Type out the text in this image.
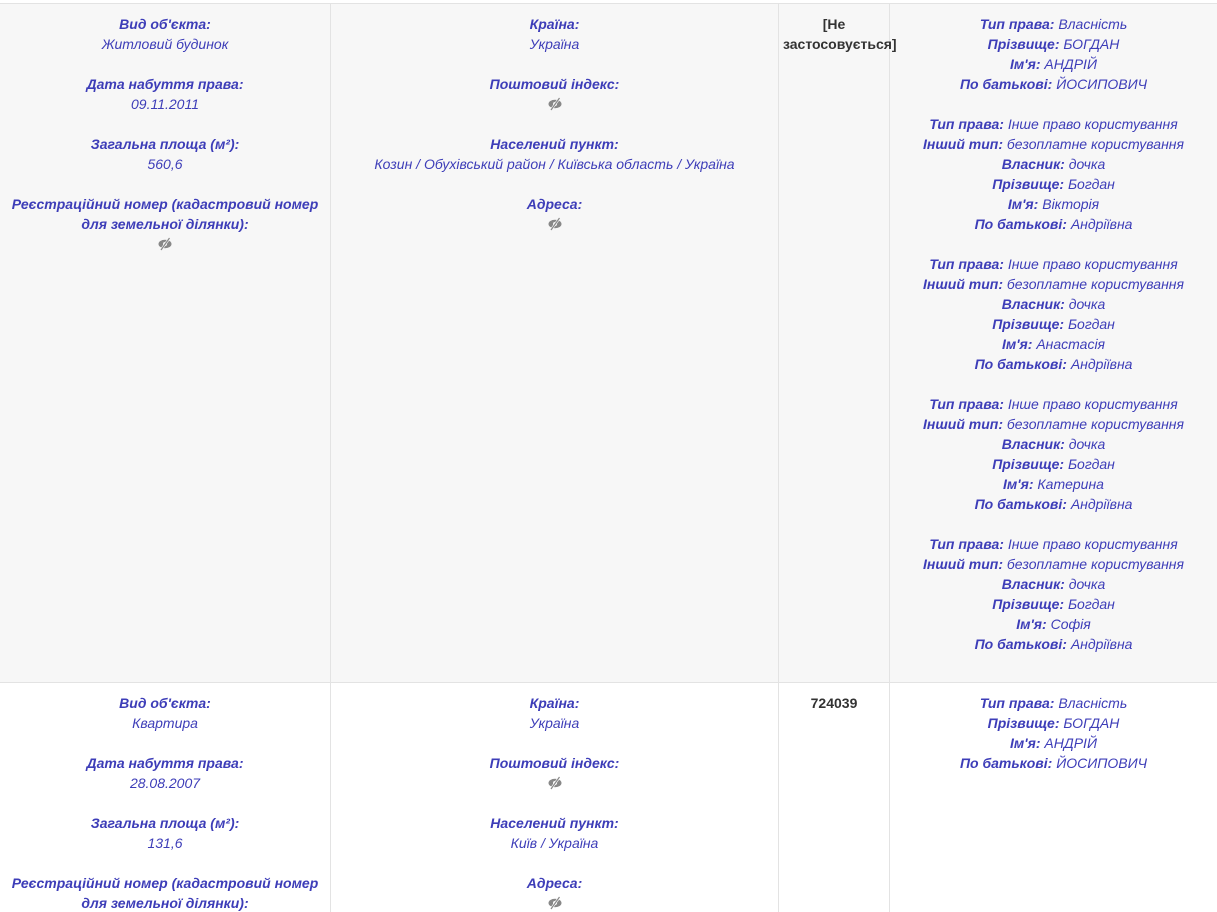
Вид об'єкта:
Житловий будинок
Дата набуття права:
09.11.2011
Загальна площа (м²):
560,6
Реєстраційний номер (кадастровий номер для земельної ділянки):
Країна:
Україна
Поштовий індекс:
Населений пункт:
Козин / Обухівський район / Київська область / Україна
Адреса:
[Не застосовується]
Тип права: Власність
Прізвище: БОГДАН
Ім'я: АНДРІЙ
По батькові: ЙОСИПОВИЧ
Тип права: Інше право користування
Інший тип: безоплатне користування
Власник: дочка
Прізвище: Богдан
Ім'я: Вікторія
По батькові: Андріївна
Тип права: Інше право користування
Інший тип: безоплатне користування
Власник: дочка
Прізвище: Богдан
Ім'я: Анастасія
По батькові: Андріївна
Тип права: Інше право користування
Інший тип: безоплатне користування
Власник: дочка
Прізвище: Богдан
Ім'я: Катерина
По батькові: Андріївна
Тип права: Інше право користування
Інший тип: безоплатне користування
Власник: дочка
Прізвище: Богдан
Ім'я: Софія
По батькові: Андріївна
Вид об'єкта:
Квартира
Дата набуття права:
28.08.2007
Загальна площа (м²):
131,6
Реєстраційний номер (кадастровий номер для земельної ділянки):
Країна:
Україна
Поштовий індекс:
Населений пункт:
Київ / Україна
Адреса:
724039	Тип права: Власність
Прізвище: БОГДАН
Ім'я: АНДРІЙ
По батькові: ЙОСИПОВИЧ
